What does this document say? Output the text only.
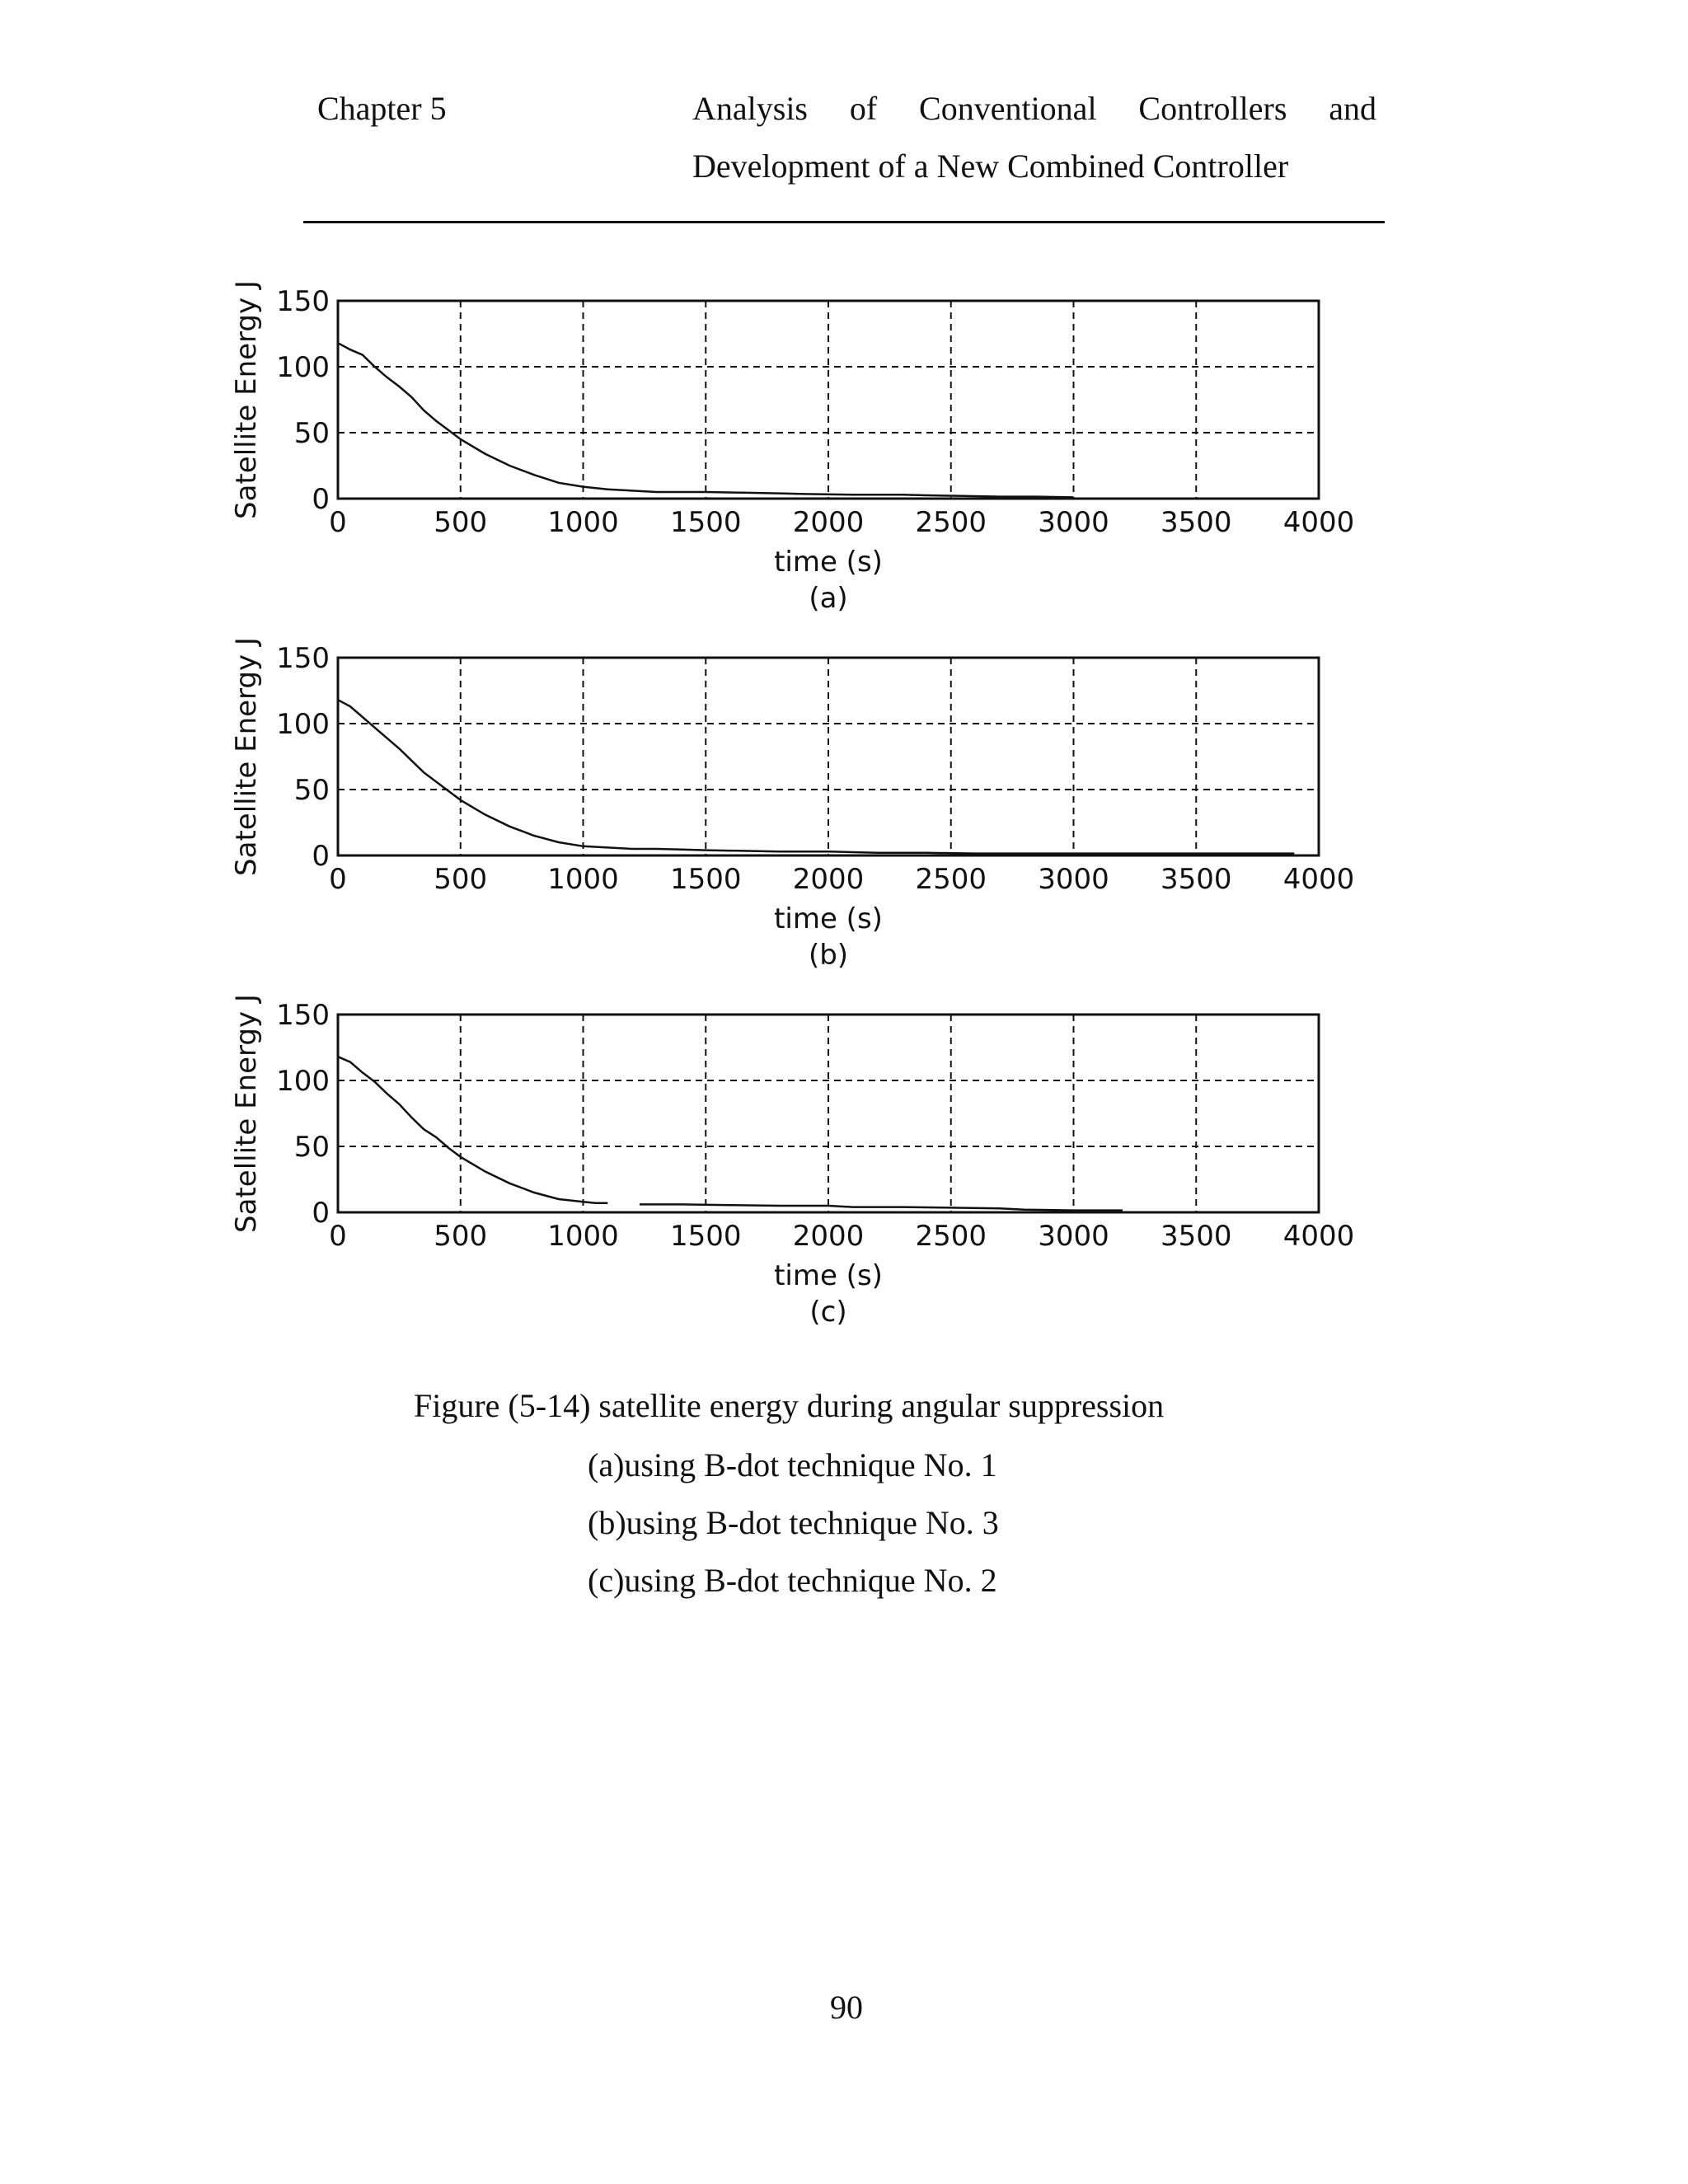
Chapter 5	Analysis of Conventional Controllers and
Development of a New Combined Controller
0	500 1000 1500 2000 2500 3000 3500 4000
0
50
100
150
time (s)
Satellite Energy J
(a)
0	500 1000 1500 2000 2500 3000 3500 4000
0
50
100
150
time (s)
Satellite Energy J
(b)
0	500 1000 1500 2000 2500 3000 3500 4000
0
50
100
150
time (s)
Satellite Energy J
(c)
Figure (5-14) satellite energy during angular suppression
(a)using B-dot technique No. 1
(b)using B-dot technique No. 3
(c)using B-dot technique No. 2
90
